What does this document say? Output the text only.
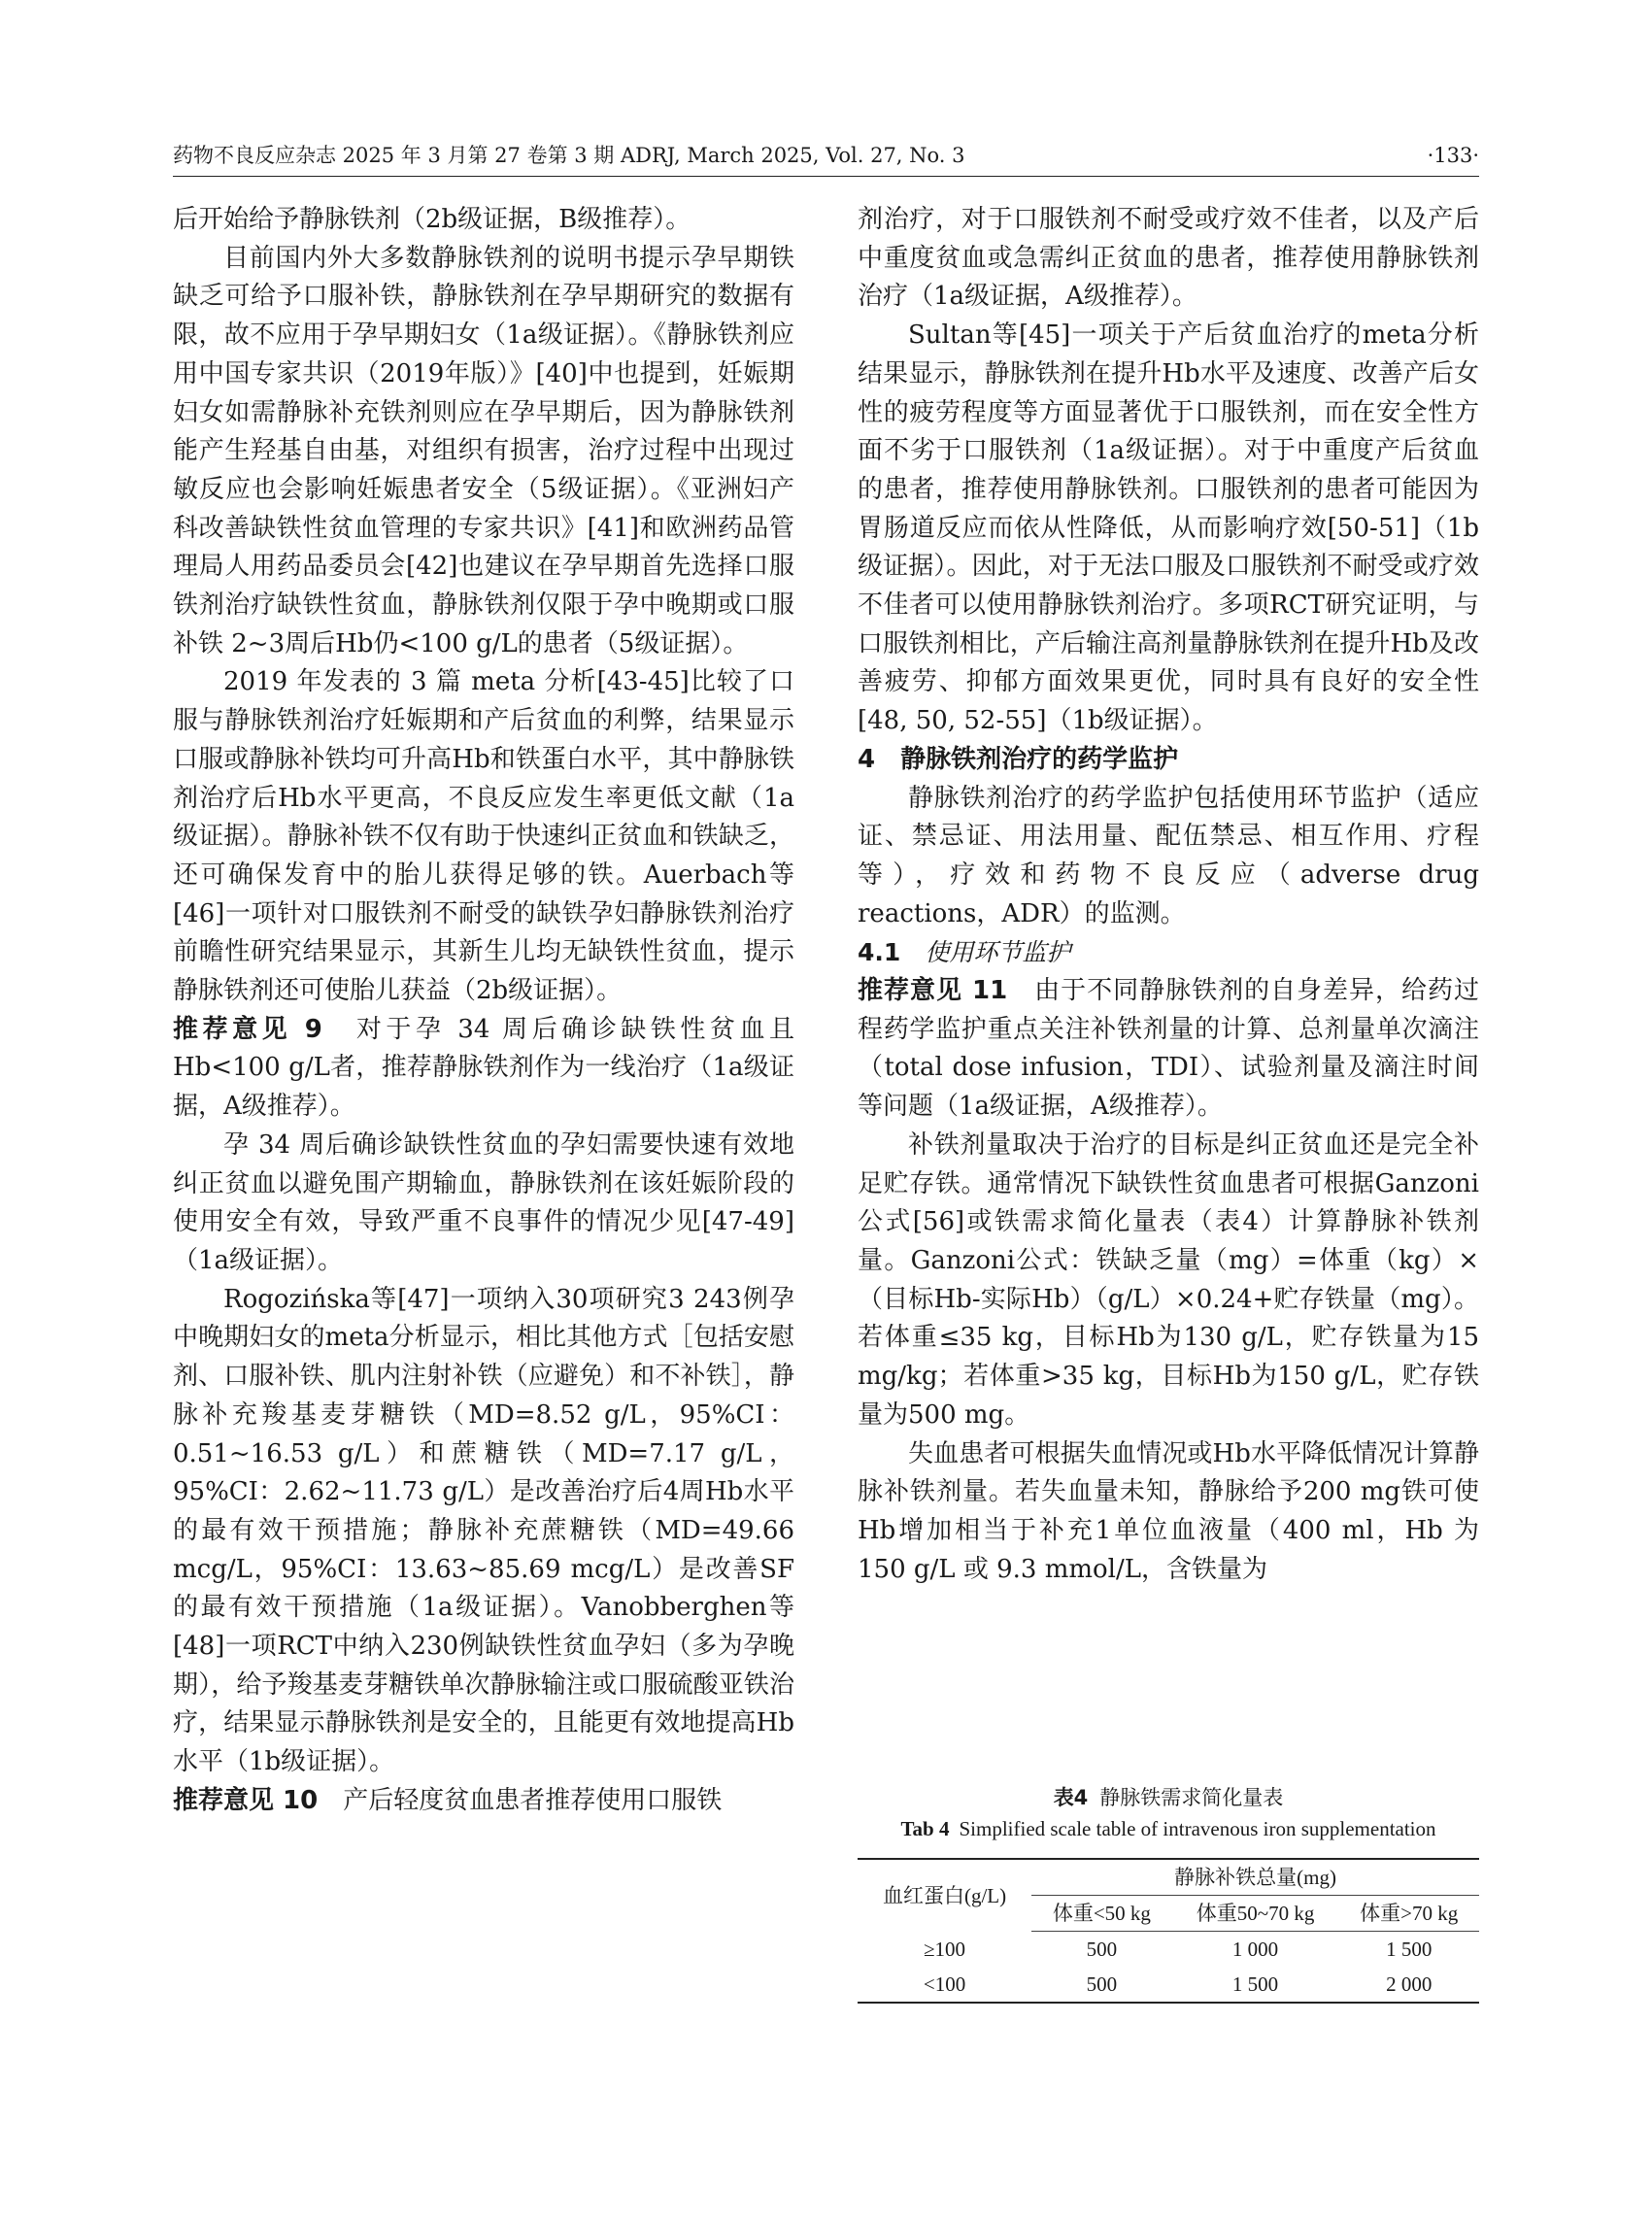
药物不良反应杂志 2025 年 3 月第 27 卷第 3 期 ADRJ, March 2025, Vol. 27, No. 3	·133·

后开始给予静脉铁剂（2b级证据，B级推荐）。

目前国内外大多数静脉铁剂的说明书提示孕早期铁缺乏可给予口服补铁，静脉铁剂在孕早期研究的数据有限，故不应用于孕早期妇女（1a级证据）。《静脉铁剂应用中国专家共识（2019年版）》[40]中也提到，妊娠期妇女如需静脉补充铁剂则应在孕早期后，因为静脉铁剂能产生羟基自由基，对组织有损害，治疗过程中出现过敏反应也会影响妊娠患者安全（5级证据）。《亚洲妇产科改善缺铁性贫血管理的专家共识》[41]和欧洲药品管理局人用药品委员会[42]也建议在孕早期首先选择口服铁剂治疗缺铁性贫血，静脉铁剂仅限于孕中晚期或口服补铁 2~3周后Hb仍<100 g/L的患者（5级证据）。

2019 年发表的 3 篇 meta 分析[43-45]比较了口服与静脉铁剂治疗妊娠期和产后贫血的利弊，结果显示口服或静脉补铁均可升高Hb和铁蛋白水平，其中静脉铁剂治疗后Hb水平更高，不良反应发生率更低文献（1a级证据）。静脉补铁不仅有助于快速纠正贫血和铁缺乏，还可确保发育中的胎儿获得足够的铁。Auerbach等[46]一项针对口服铁剂不耐受的缺铁孕妇静脉铁剂治疗前瞻性研究结果显示，其新生儿均无缺铁性贫血，提示静脉铁剂还可使胎儿获益（2b级证据）。

推荐意见 9　 对于孕 34 周后确诊缺铁性贫血且 Hb<100 g/L者，推荐静脉铁剂作为一线治疗（1a级证据，A级推荐）。

孕 34 周后确诊缺铁性贫血的孕妇需要快速有效地纠正贫血以避免围产期输血，静脉铁剂在该妊娠阶段的使用安全有效，导致严重不良事件的情况少见[47-49]（1a级证据）。

Rogozińska等[47]一项纳入30项研究3 243例孕中晚期妇女的meta分析显示，相比其他方式［包括安慰剂、口服补铁、肌内注射补铁（应避免）和不补铁］，静脉补充羧基麦芽糖铁（MD=8.52 g/L，95%CI：0.51~16.53 g/L）和蔗糖铁（MD=7.17 g/L，95%CI：2.62~11.73 g/L）是改善治疗后4周Hb水平的最有效干预措施；静脉补充蔗糖铁（MD=49.66 mcg/L，95%CI：13.63~85.69 mcg/L）是改善SF的最有效干预措施（1a级证据）。Vanobberghen等[48]一项RCT中纳入230例缺铁性贫血孕妇（多为孕晚期），给予羧基麦芽糖铁单次静脉输注或口服硫酸亚铁治疗，结果显示静脉铁剂是安全的，且能更有效地提高Hb水平（1b级证据）。

推荐意见 10　 产后轻度贫血患者推荐使用口服铁

剂治疗，对于口服铁剂不耐受或疗效不佳者，以及产后中重度贫血或急需纠正贫血的患者，推荐使用静脉铁剂治疗（1a级证据，A级推荐）。

Sultan等[45]一项关于产后贫血治疗的meta分析结果显示，静脉铁剂在提升Hb水平及速度、改善产后女性的疲劳程度等方面显著优于口服铁剂，而在安全性方面不劣于口服铁剂（1a级证据）。对于中重度产后贫血的患者，推荐使用静脉铁剂。口服铁剂的患者可能因为胃肠道反应而依从性降低，从而影响疗效[50-51]（1b级证据）。因此，对于无法口服及口服铁剂不耐受或疗效不佳者可以使用静脉铁剂治疗。多项RCT研究证明，与口服铁剂相比，产后输注高剂量静脉铁剂在提升Hb及改善疲劳、抑郁方面效果更优，同时具有良好的安全性[48, 50, 52-55]（1b级证据）。

4　静脉铁剂治疗的药学监护

静脉铁剂治疗的药学监护包括使用环节监护（适应证、禁忌证、用法用量、配伍禁忌、相互作用、疗程等），疗效和药物不良反应（adverse drug reactions，ADR）的监测。

4.1　 使用环节监护

推荐意见 11　 由于不同静脉铁剂的自身差异，给药过程药学监护重点关注补铁剂量的计算、总剂量单次滴注（total dose infusion，TDI）、试验剂量及滴注时间等问题（1a级证据，A级推荐）。

补铁剂量取决于治疗的目标是纠正贫血还是完全补足贮存铁。通常情况下缺铁性贫血患者可根据Ganzoni公式[56]或铁需求简化量表（表4）计算静脉补铁剂量。Ganzoni公式：铁缺乏量（mg）=体重（kg）×（目标Hb-实际Hb）（g/L）×0.24+贮存铁量（mg）。若体重≤35 kg，目标Hb为130 g/L，贮存铁量为15 mg/kg；若体重>35 kg，目标Hb为150 g/L，贮存铁量为500 mg。

失血患者可根据失血情况或Hb水平降低情况计算静脉补铁剂量。若失血量未知，静脉给予200 mg铁可使Hb增加相当于补充1单位血液量（400 ml，Hb 为 150 g/L 或 9.3 mmol/L，含铁量为

表4 静脉铁需求简化量表
Tab 4 Simplified scale table of intravenous iron supplementation
血红蛋白(g/L)	静脉补铁总量(mg)		
	体重<50 kg	体重50~70 kg	体重>70 kg
≥100	500	1 000	1 500
<100	500	1 500	2 000
